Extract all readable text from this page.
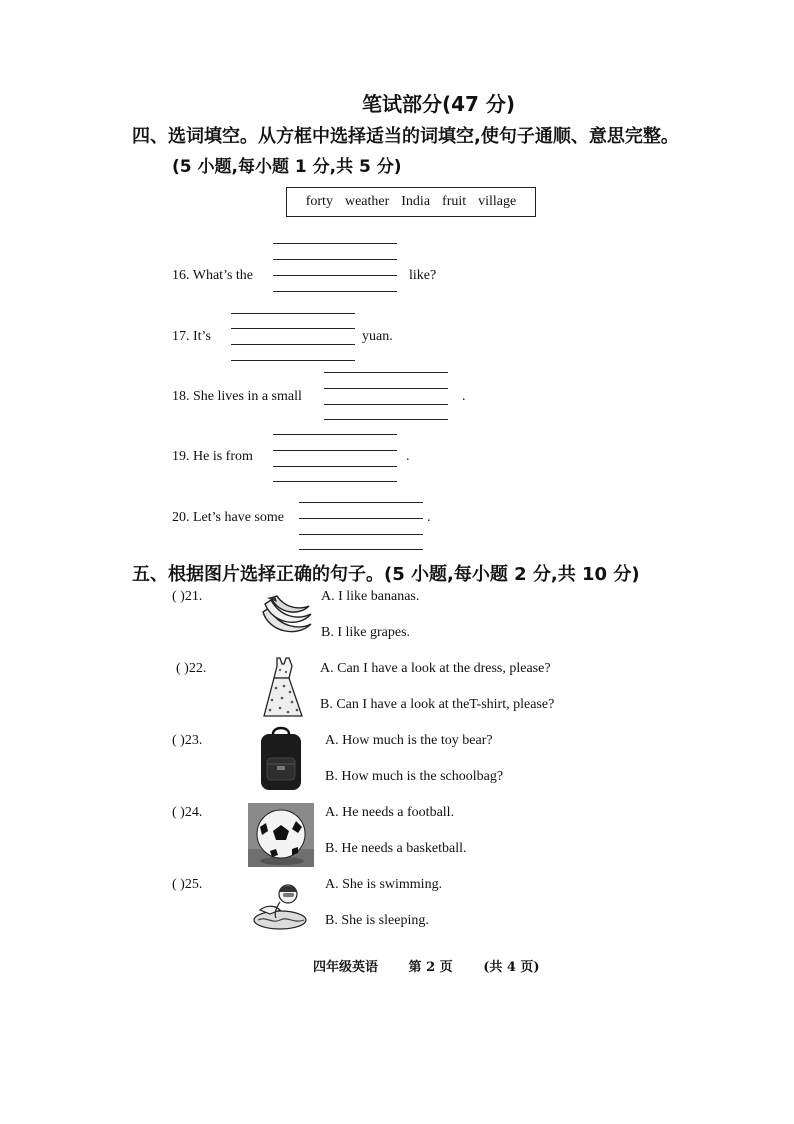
笔试部分(47 分)
四、选词填空。从方框中选择适当的词填空,使句子通顺、意思完整。
(5 小题,每小题 1 分,共 5 分)
forty weather India fruit village
16. What’s the	like?
17. It’s	yuan.
18. She lives in a small	.
19. He is from	.
20. Let’s have some	.
五、根据图片选择正确的句子。(5 小题,每小题 2 分,共 10 分)
( )21.	A. I like bananas.
B. I like grapes.
( )22.	A. Can I have a look at the dress, please?
B. Can I have a look at theT-shirt, please?
( )23.	A. How much is the toy bear?
B. How much is the schoolbag?
( )24.	A. He needs a football.
B. He needs a basketball.
( )25.	A. She is swimming.
B. She is sleeping.
四年级英语 第 2 页 (共 4 页)
